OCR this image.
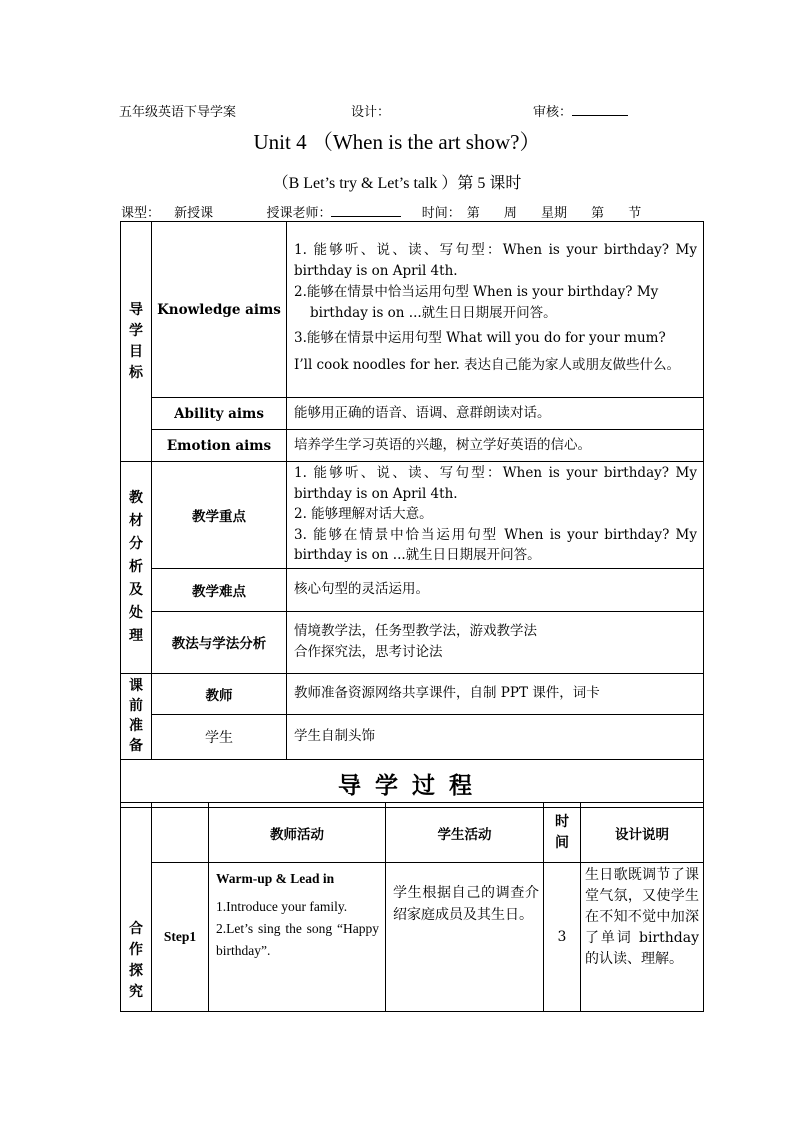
五年级英语下导学案	设计：	审核：
Unit 4 （When is the art show?）
（B Let’s try & Let’s talk ）第 5 课时
课型： 新授课	授课老师：	时间： 第 周 星期 第 节
导学目标	Knowledge aims	1. 能够听、说、读、写句型：When is your birthday? My birthday is on April 4th.
2.能够在情景中恰当运用句型 When is your birthday? My
birthday is on ...就生日日期展开问答。
3.能够在情景中运用句型 What will you do for your mum?
I’ll cook noodles for her. 表达自己能为家人或朋友做些什么。

	Ability aims	能够用正确的语音、语调、意群朗读对话。

	Emotion aims	培养学生学习英语的兴趣，树立学好英语的信心。

教材分析及处理	教学重点	1. 能够听、说、读、写句型：When is your birthday? My birthday is on April 4th.
2. 能够理解对话大意。
3. 能够在情景中恰当运用句型 When is your birthday? My birthday is on ...就生日日期展开问答。

	教学难点	核心句型的灵活运用。

	教法与学法分析	情境教学法，任务型教学法，游戏教学法
合作探究法，思考讨论法

课前准备	教师	教师准备资源网络共享课件，自制 PPT 课件，词卡

	学生	学生自制头饰

导学过程		
合作探究		教师活动	学生活动	时间	设计说明
	Step1	Warm-up & Lead in
1.Introduce your family.
2.Let’s sing the song “Happy birthday”.	学生根据自己的调查介绍家庭成员及其生日。	3	生日歌既调节了课堂气氛，又使学生在不知不觉中加深了单词 birthday 的认读、理解。
